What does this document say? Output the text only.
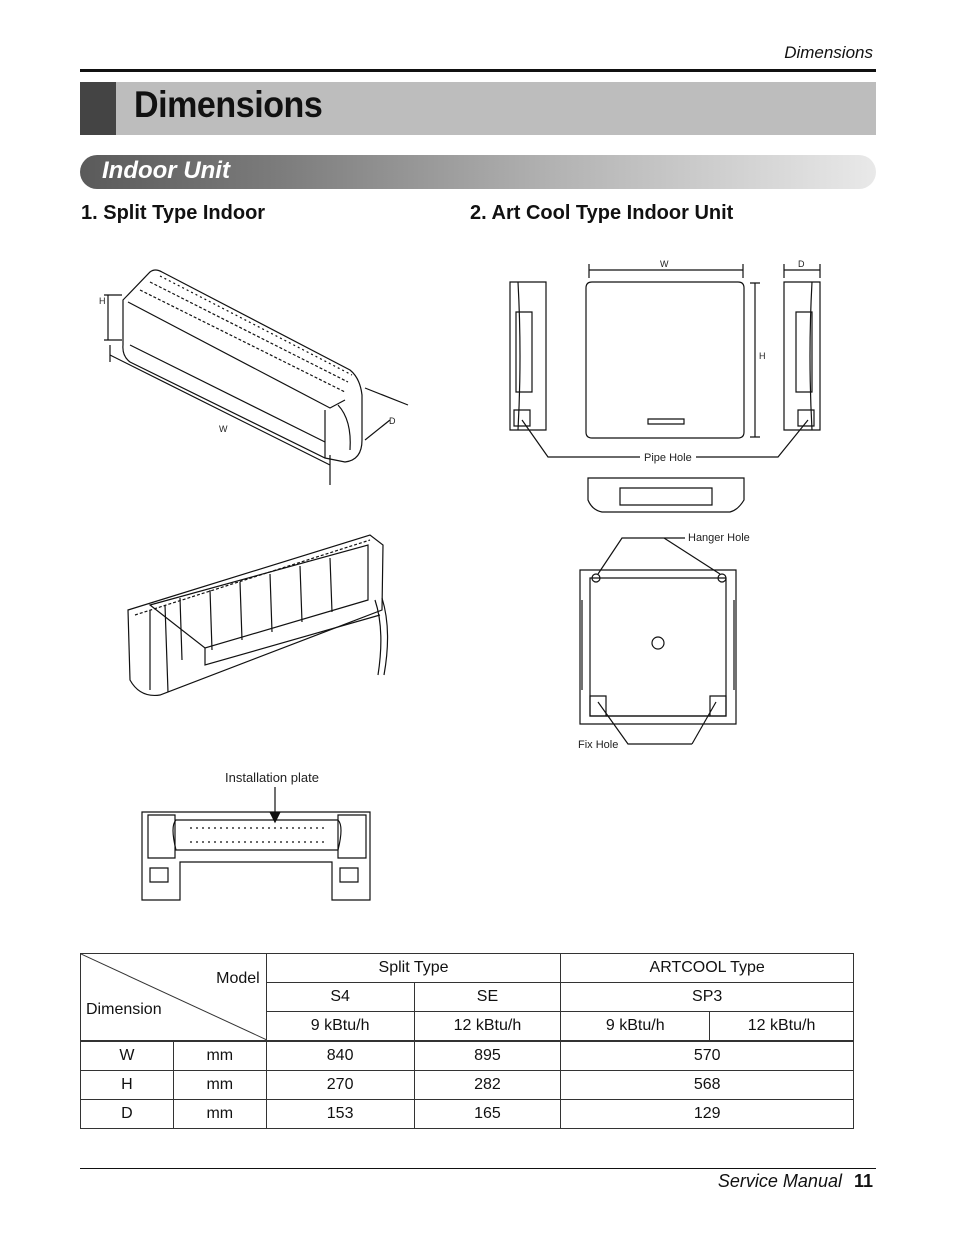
Dimensions
Dimensions
Indoor Unit
1. Split Type Indoor	2. Art Cool Type Indoor Unit
H
W
D
Installation plate
W	D
H
Pipe Hole
Hanger Hole
Fix Hole
Model
Dimension		Split Type		ARTCOOL Type	
		S4	SE	SP3	
		9 kBtu/h	12 kBtu/h	9 kBtu/h	12 kBtu/h
W	mm	840	895	570	
H	mm	270	282	568	
D	mm	153	165	129	
Service Manual 11
